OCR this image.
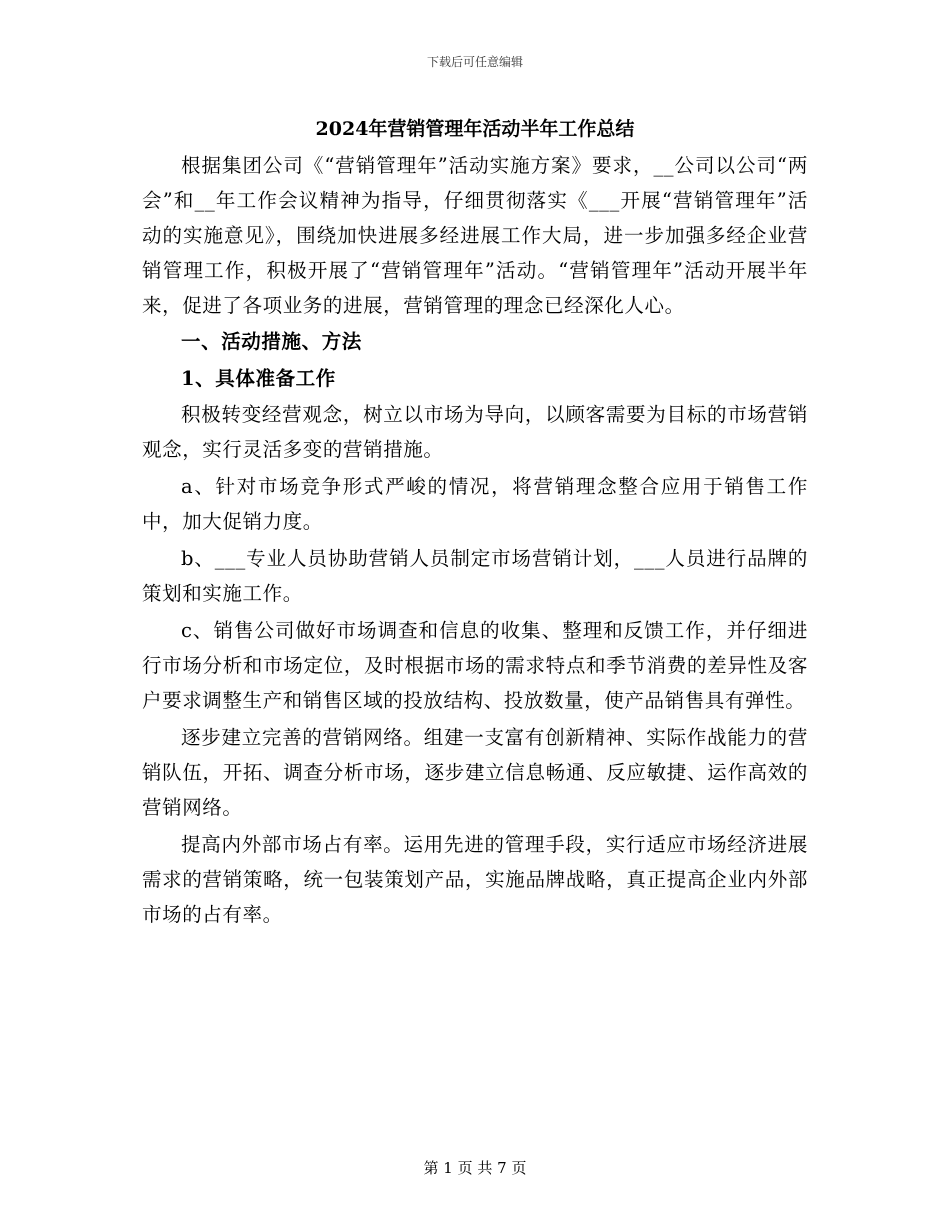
下载后可任意编辑
2024年营销管理年活动半年工作总结

根据集团公司《“营销管理年”活动实施方案》要求，__公司以公司“两会”和__年工作会议精神为指导，仔细贯彻落实《___开展“营销管理年”活动的实施意见》，围绕加快进展多经进展工作大局，进一步加强多经企业营销管理工作，积极开展了“营销管理年”活动。“营销管理年”活动开展半年来，促进了各项业务的进展，营销管理的理念已经深化人心。

一、活动措施、方法
1、具体准备工作

积极转变经营观念，树立以市场为导向，以顾客需要为目标的市场营销观念，实行灵活多变的营销措施。

a、针对市场竞争形式严峻的情况，将营销理念整合应用于销售工作中，加大促销力度。

b、___专业人员协助营销人员制定市场营销计划，___人员进行品牌的策划和实施工作。

c、销售公司做好市场调查和信息的收集、整理和反馈工作，并仔细进行市场分析和市场定位，及时根据市场的需求特点和季节消费的差异性及客户要求调整生产和销售区域的投放结构、投放数量，使产品销售具有弹性。

逐步建立完善的营销网络。组建一支富有创新精神、实际作战能力的营销队伍，开拓、调查分析市场，逐步建立信息畅通、反应敏捷、运作高效的营销网络。

提高内外部市场占有率。运用先进的管理手段，实行适应市场经济进展需求的营销策略，统一包装策划产品，实施品牌战略，真正提高企业内外部市场的占有率。

第 1 页 共 7 页
